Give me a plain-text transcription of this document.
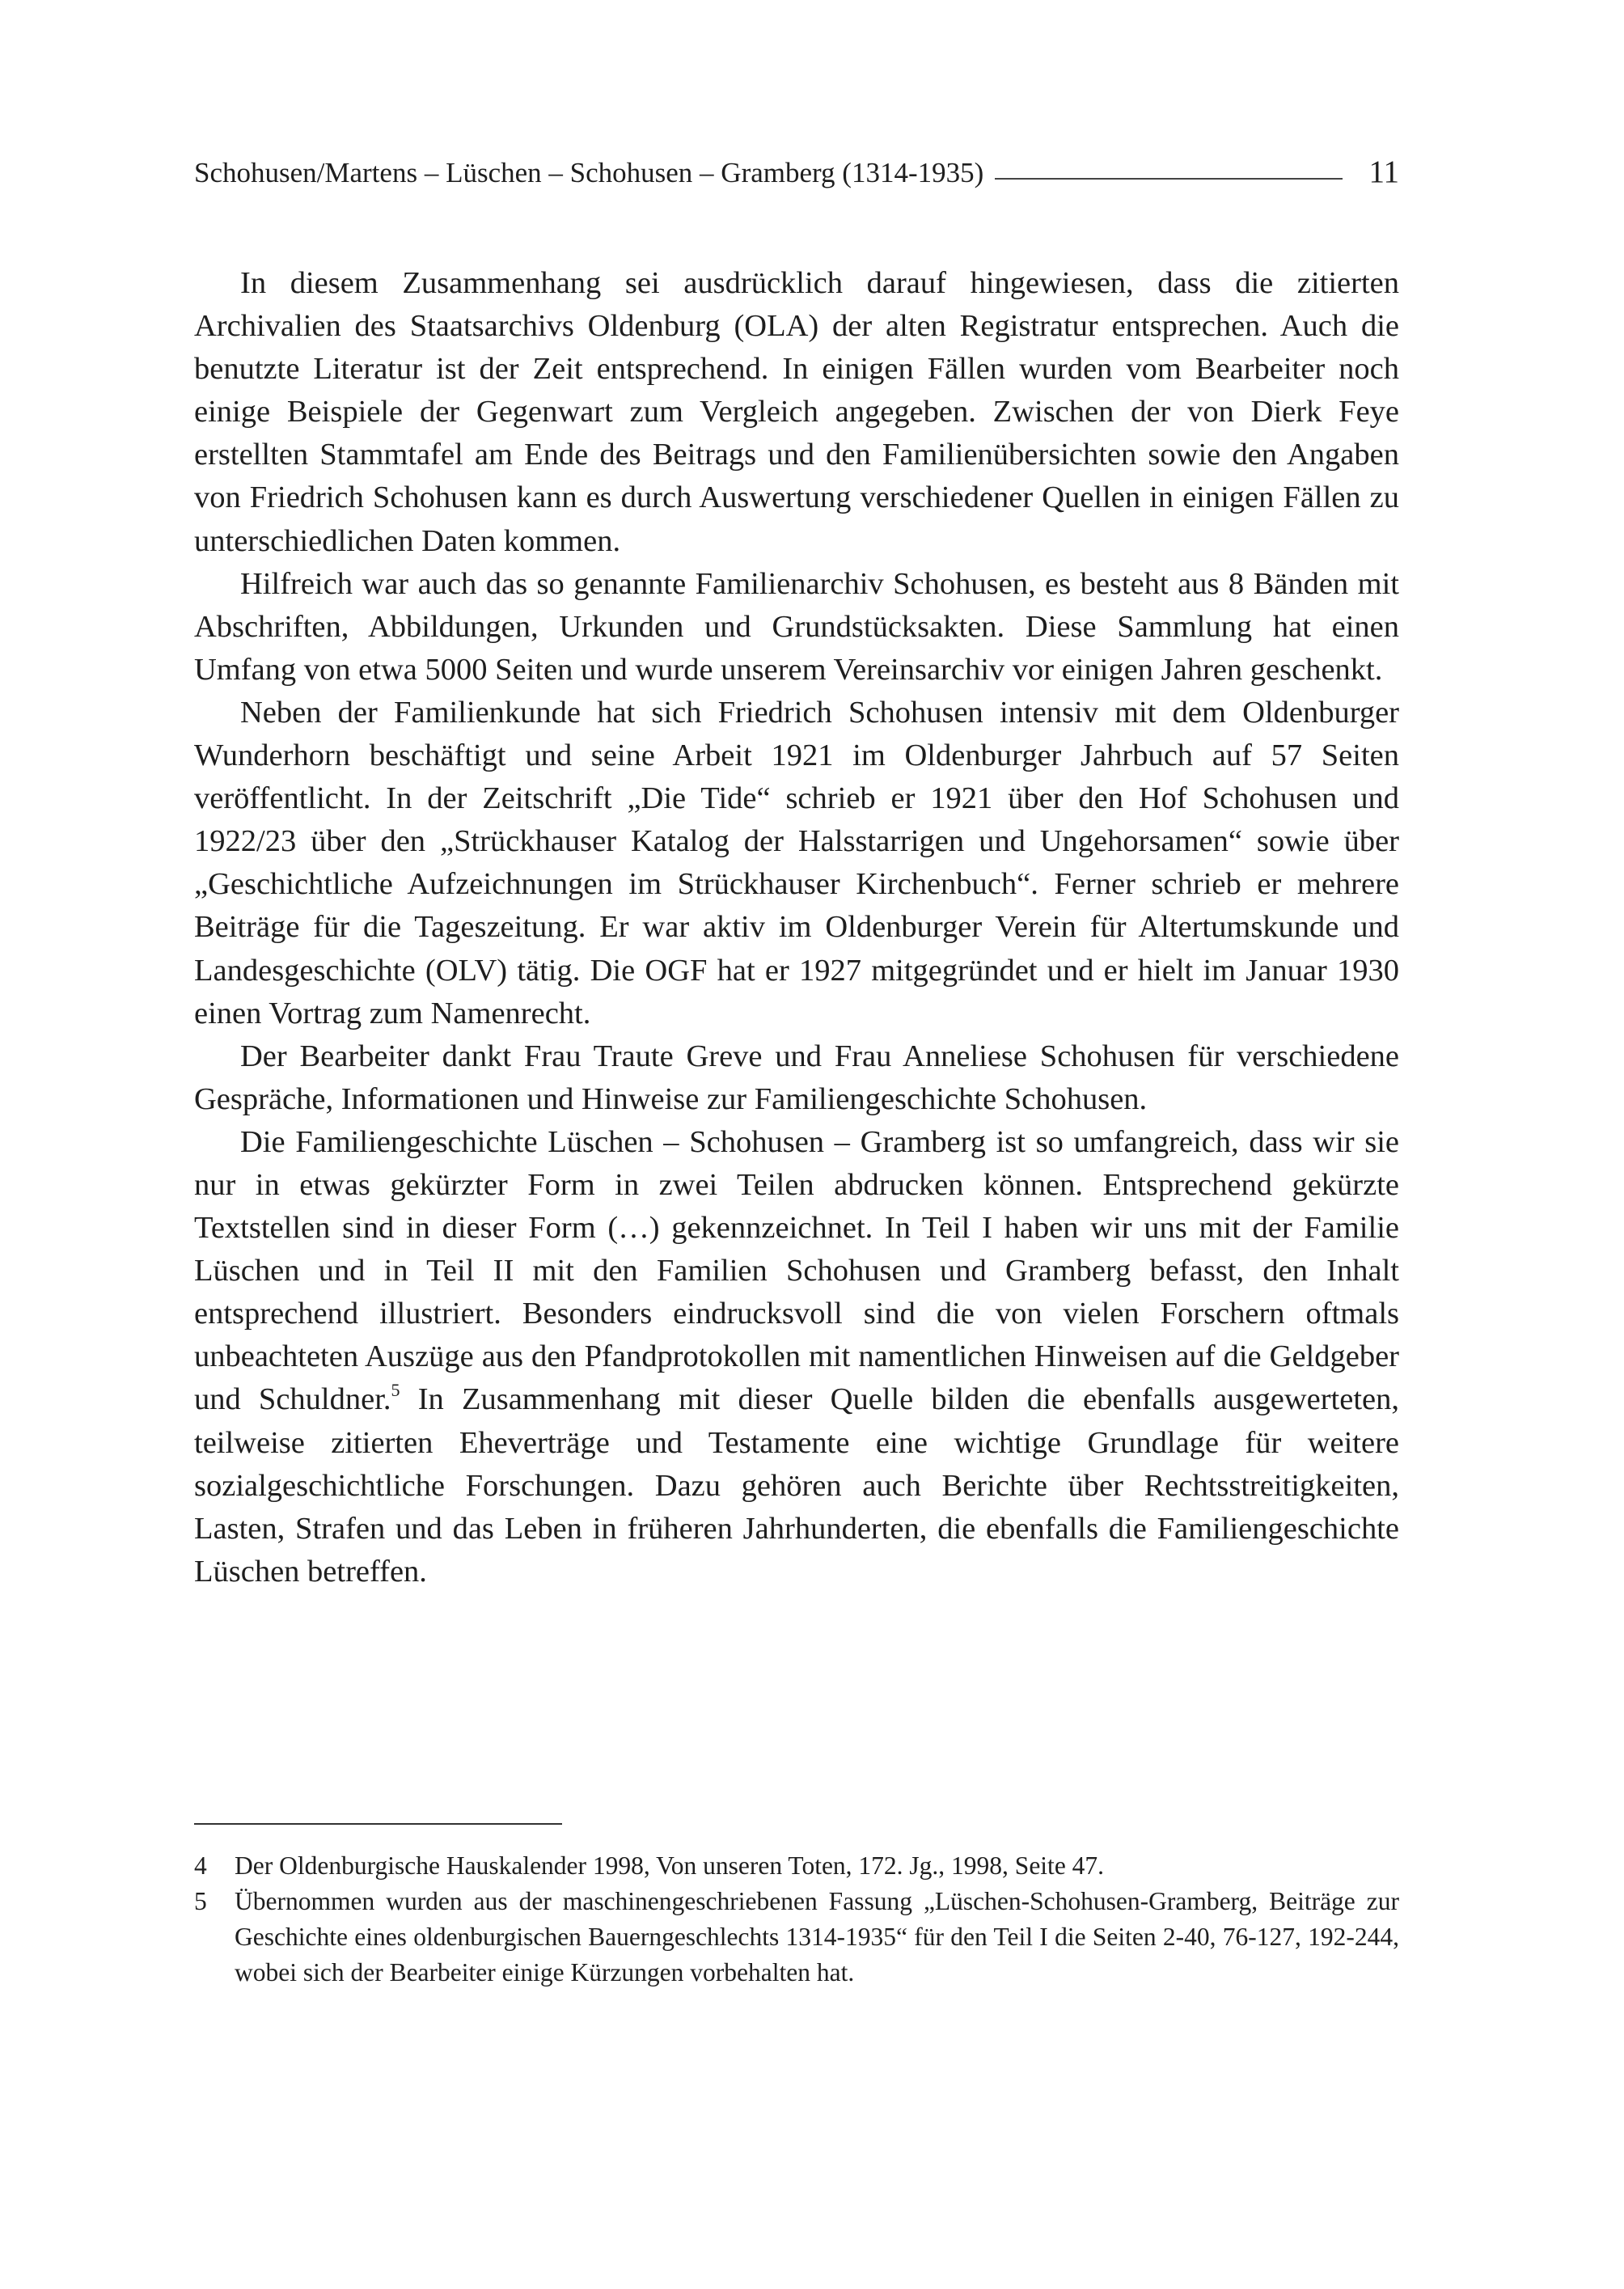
Schohusen/Martens – Lüschen – Schohusen – Gramberg (1314-1935)	11

In diesem Zusammenhang sei ausdrücklich darauf hingewiesen, dass die zitierten Archivalien des Staatsarchivs Oldenburg (OLA) der alten Registratur entsprechen. Auch die benutzte Literatur ist der Zeit entsprechend. In einigen Fällen wurden vom Bearbeiter noch einige Beispiele der Gegenwart zum Vergleich angegeben. Zwischen der von Dierk Feye erstellten Stammtafel am Ende des Beitrags und den Familienübersichten sowie den Angaben von Friedrich Schohusen kann es durch Auswertung verschiedener Quellen in einigen Fällen zu unterschiedlichen Daten kommen.

Hilfreich war auch das so genannte Familienarchiv Schohusen, es besteht aus 8 Bänden mit Abschriften, Abbildungen, Urkunden und Grundstücksakten. Diese Sammlung hat einen Umfang von etwa 5000 Seiten und wurde unserem Vereinsarchiv vor einigen Jahren geschenkt.

Neben der Familienkunde hat sich Friedrich Schohusen intensiv mit dem Oldenburger Wunderhorn beschäftigt und seine Arbeit 1921 im Oldenburger Jahrbuch auf 57 Seiten veröffentlicht. In der Zeitschrift „Die Tide“ schrieb er 1921 über den Hof Schohusen und 1922/23 über den „Strückhauser Katalog der Halsstarrigen und Ungehorsamen“ sowie über „Geschichtliche Aufzeichnungen im Strückhauser Kirchenbuch“. Ferner schrieb er mehrere Beiträge für die Tageszeitung. Er war aktiv im Oldenburger Verein für Altertumskunde und Landesgeschichte (OLV) tätig. Die OGF hat er 1927 mitgegründet und er hielt im Januar 1930 einen Vortrag zum Namenrecht.

Der Bearbeiter dankt Frau Traute Greve und Frau Anneliese Schohusen für verschiedene Gespräche, Informationen und Hinweise zur Familiengeschichte Schohusen.

Die Familiengeschichte Lüschen – Schohusen – Gramberg ist so umfangreich, dass wir sie nur in etwas gekürzter Form in zwei Teilen abdrucken können. Entsprechend gekürzte Textstellen sind in dieser Form (…) gekennzeichnet. In Teil I haben wir uns mit der Familie Lüschen und in Teil II mit den Familien Schohusen und Gramberg befasst, den Inhalt entsprechend illustriert. Besonders eindrucksvoll sind die von vielen Forschern oftmals unbeachteten Auszüge aus den Pfandprotokollen mit namentlichen Hinweisen auf die Geldgeber und Schuldner.$^5$ In Zusammenhang mit dieser Quelle bilden die ebenfalls ausgewerteten, teilweise zitierten Eheverträge und Testamente eine wichtige Grundlage für weitere sozialgeschichtliche Forschungen. Dazu gehören auch Berichte über Rechtsstreitigkeiten, Lasten, Strafen und das Leben in früheren Jahrhunderten, die ebenfalls die Familiengeschichte Lüschen betreffen.

4	Der Oldenburgische Hauskalender 1998, Von unseren Toten, 172. Jg., 1998, Seite 47.
5	Übernommen wurden aus der maschinengeschriebenen Fassung „Lüschen-Schohusen-Gramberg, Beiträge zur Geschichte eines oldenburgischen Bauerngeschlechts 1314-1935“ für den Teil I die Seiten 2-40, 76-127, 192-244, wobei sich der Bearbeiter einige Kürzungen vorbehalten hat.
